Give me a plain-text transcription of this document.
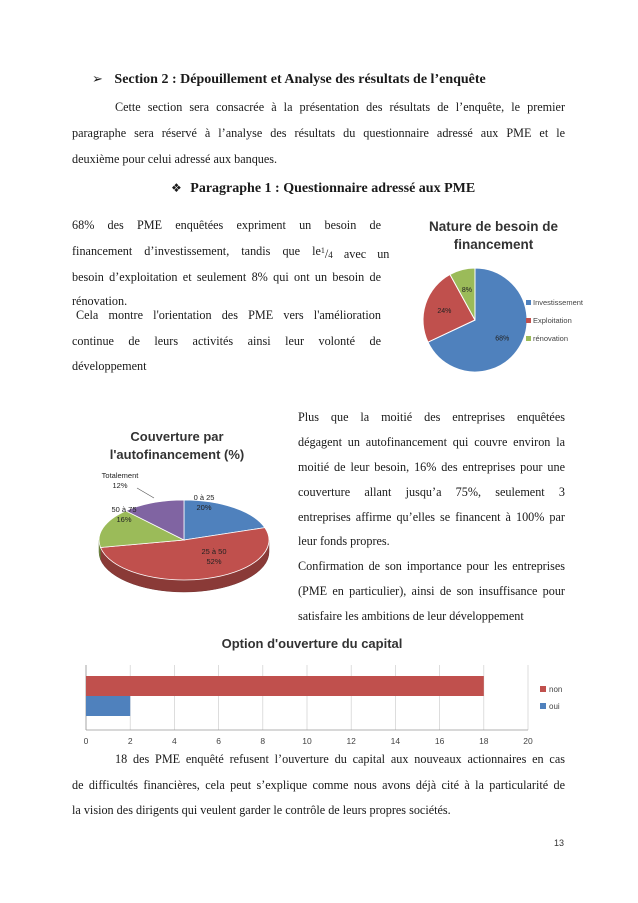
➢ Section 2 : Dépouillement et Analyse des résultats de l’enquête
Cette section sera consacrée à la présentation des résultats de l’enquête, le premier
paragraphe sera réservé à l’analyse des résultats du questionnaire adressé aux PME et le
deuxième pour celui adressé aux banques.
❖ Paragraphe 1 : Questionnaire adressé aux PME
68% des PME enquêtées expriment un besoin de
financement d’investissement, tandis que le $^1$/4 avec un
besoin d’exploitation et seulement 8% qui ont un besoin de
rénovation.
Cela montre l'orientation des PME vers l'amélioration
continue de leurs activités ainsi leur volonté de
développement
Nature de besoin de
financement
68%
24%
8%
Investissement
Exploitation
rénovation
Couverture par
l'autofinancement (%)
0 à 25
20%
25 à 50
52%
50 à 75
16%
Totalement
12%
Plus que la moitié des entreprises enquêtées
dégagent un autofinancement qui couvre environ la
moitié de leur besoin, 16% des entreprises pour une
couverture allant jusqu’a 75%, seulement 3
entreprises affirme qu’elles se financent à 100% par
leur fonds propres.
Confirmation de son importance pour les entreprises
(PME en particulier), ainsi de son insuffisance pour
satisfaire les ambitions de leur développement
Option d'ouverture du capital
0	2	4	6	8	10	12	14	16	18	20
non
oui
18 des PME enquêté refusent l’ouverture du capital aux nouveaux actionnaires en cas
de difficultés financières, cela peut s’explique comme nous avons déjà cité à la particularité de
la vision des dirigents qui veulent garder le contrôle de leurs propres sociétés.
13
